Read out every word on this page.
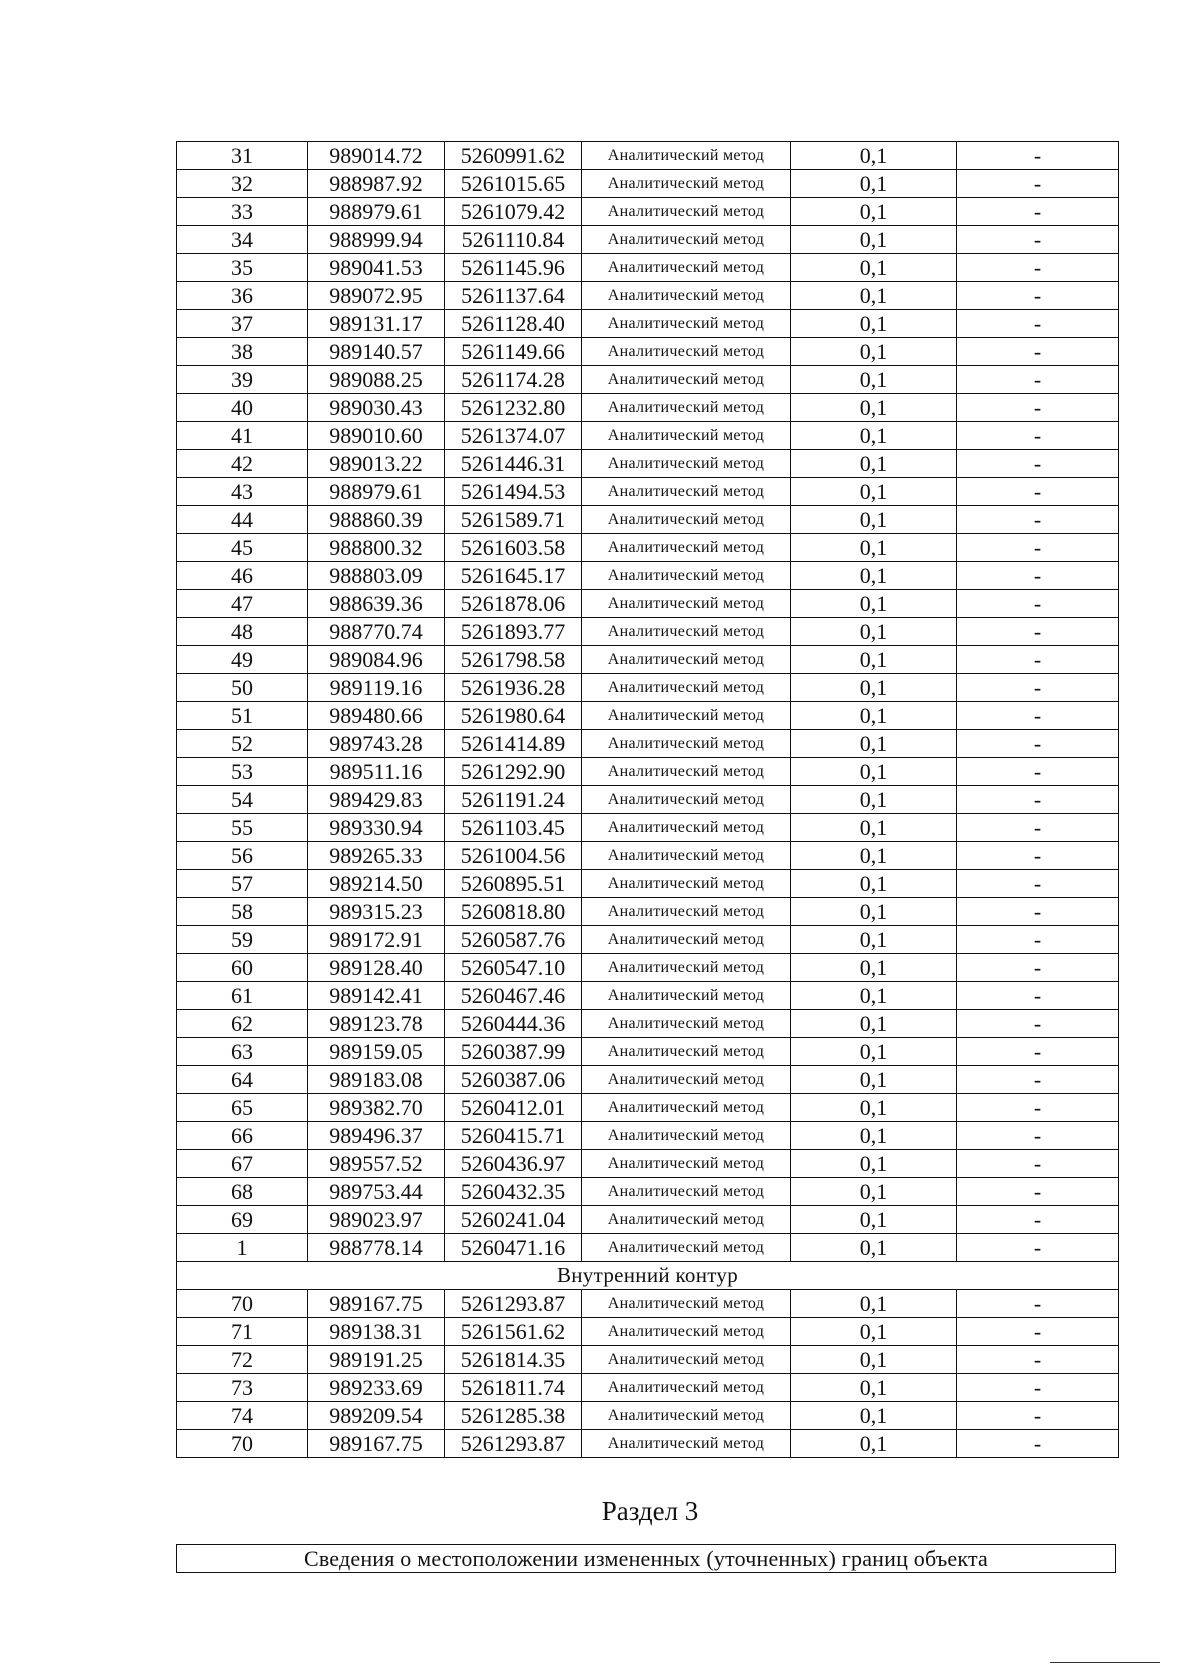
31	989014.72	5260991.62	Аналитический метод	0,1	-
32	988987.92	5261015.65	Аналитический метод	0,1	-
33	988979.61	5261079.42	Аналитический метод	0,1	-
34	988999.94	5261110.84	Аналитический метод	0,1	-
35	989041.53	5261145.96	Аналитический метод	0,1	-
36	989072.95	5261137.64	Аналитический метод	0,1	-
37	989131.17	5261128.40	Аналитический метод	0,1	-
38	989140.57	5261149.66	Аналитический метод	0,1	-
39	989088.25	5261174.28	Аналитический метод	0,1	-
40	989030.43	5261232.80	Аналитический метод	0,1	-
41	989010.60	5261374.07	Аналитический метод	0,1	-
42	989013.22	5261446.31	Аналитический метод	0,1	-
43	988979.61	5261494.53	Аналитический метод	0,1	-
44	988860.39	5261589.71	Аналитический метод	0,1	-
45	988800.32	5261603.58	Аналитический метод	0,1	-
46	988803.09	5261645.17	Аналитический метод	0,1	-
47	988639.36	5261878.06	Аналитический метод	0,1	-
48	988770.74	5261893.77	Аналитический метод	0,1	-
49	989084.96	5261798.58	Аналитический метод	0,1	-
50	989119.16	5261936.28	Аналитический метод	0,1	-
51	989480.66	5261980.64	Аналитический метод	0,1	-
52	989743.28	5261414.89	Аналитический метод	0,1	-
53	989511.16	5261292.90	Аналитический метод	0,1	-
54	989429.83	5261191.24	Аналитический метод	0,1	-
55	989330.94	5261103.45	Аналитический метод	0,1	-
56	989265.33	5261004.56	Аналитический метод	0,1	-
57	989214.50	5260895.51	Аналитический метод	0,1	-
58	989315.23	5260818.80	Аналитический метод	0,1	-
59	989172.91	5260587.76	Аналитический метод	0,1	-
60	989128.40	5260547.10	Аналитический метод	0,1	-
61	989142.41	5260467.46	Аналитический метод	0,1	-
62	989123.78	5260444.36	Аналитический метод	0,1	-
63	989159.05	5260387.99	Аналитический метод	0,1	-
64	989183.08	5260387.06	Аналитический метод	0,1	-
65	989382.70	5260412.01	Аналитический метод	0,1	-
66	989496.37	5260415.71	Аналитический метод	0,1	-
67	989557.52	5260436.97	Аналитический метод	0,1	-
68	989753.44	5260432.35	Аналитический метод	0,1	-
69	989023.97	5260241.04	Аналитический метод	0,1	-
1	988778.14	5260471.16	Аналитический метод	0,1	-
Внутренний контур					
70	989167.75	5261293.87	Аналитический метод	0,1	-
71	989138.31	5261561.62	Аналитический метод	0,1	-
72	989191.25	5261814.35	Аналитический метод	0,1	-
73	989233.69	5261811.74	Аналитический метод	0,1	-
74	989209.54	5261285.38	Аналитический метод	0,1	-
70	989167.75	5261293.87	Аналитический метод	0,1	-
Раздел 3
Сведения о местоположении измененных (уточненных) границ объекта
